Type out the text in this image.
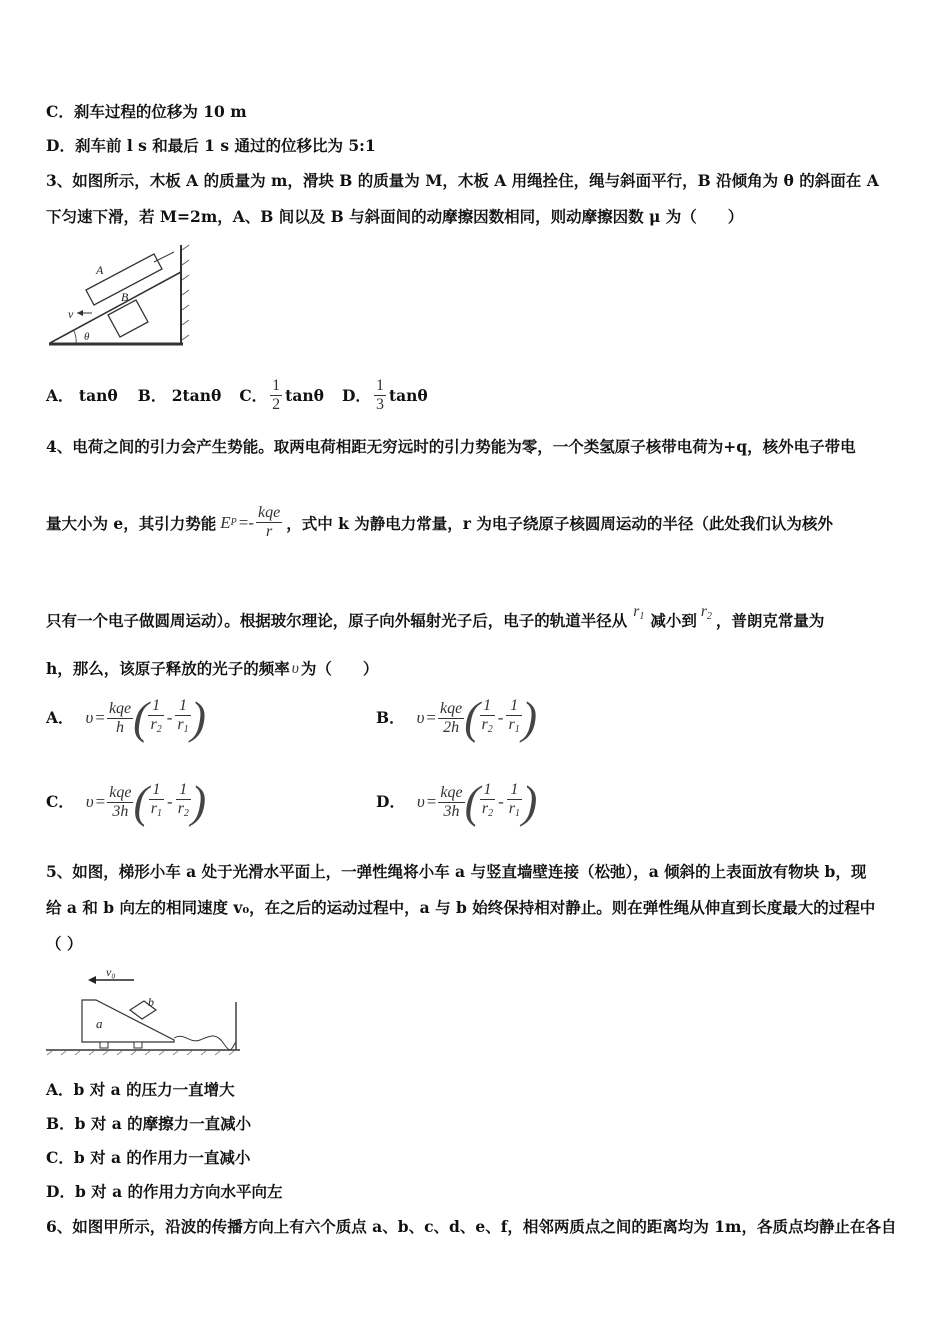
C．刹车过程的位移为 10 m
D．刹车前 l s 和最后 1 s 通过的位移比为 5:1
3、如图所示，木板 A 的质量为 m，滑块 B 的质量为 M，木板 A 用绳拴住，绳与斜面平行，B 沿倾角为 θ 的斜面在 A
下匀速下滑，若 M=2m，A、B 间以及 B 与斜面间的动摩擦因数相同，则动摩擦因数 μ 为（　　）
A
B
v
θ
A． tanθ B． 2tanθ C． $\frac{1}{2}$ tanθ D． $\frac{1}{3}$ tanθ
4、电荷之间的引力会产生势能。取两电荷相距无穷远时的引力势能为零，一个类氢原子核带电荷为+q，核外电子带电
量大小为 e，其引力势能 E $P =- \frac{\text{kqe}}{r}$ ，式中 k 为静电力常量，r 为电子绕原子核圆周运动的半径（此处我们认为核外
只有一个电子做圆周运动）。根据玻尔理论，原子向外辐射光子后，电子的轨道半径从 $r_1$ 减小到 $r_2$ ，普朗克常量为
h，那么，该原子释放的光子的频率 υ 为（　　）
A． $\upsilon = \frac{\text{kqe}}{h}$ ( $\frac{1}{r_2} - \frac{1}{r_1}$ )	B． $\upsilon = \frac{\text{kqe}}{2h}$ ( $\frac{1}{r_2} - \frac{1}{r_1}$ )
C． $\upsilon = \frac{\text{kqe}}{3h}$ ( $\frac{1}{r_1} - \frac{1}{r_2}$ )	D． $\upsilon = \frac{\text{kqe}}{3h}$ ( $\frac{1}{r_2} - \frac{1}{r_1}$ )
5、如图，梯形小车 a 处于光滑水平面上，一弹性绳将小车 a 与竖直墙壁连接（松弛），a 倾斜的上表面放有物块 b，现
给 a 和 b 向左的相同速度 v₀，在之后的运动过程中，a 与 b 始终保持相对静止。则在弹性绳从伸直到长度最大的过程中
（ ）
v₀
b
a
A．b 对 a 的压力一直增大
B．b 对 a 的摩擦力一直减小
C．b 对 a 的作用力一直减小
D．b 对 a 的作用力方向水平向左
6、如图甲所示，沿波的传播方向上有六个质点 a、b、c、d、e、f，相邻两质点之间的距离均为 1m，各质点均静止在各自
